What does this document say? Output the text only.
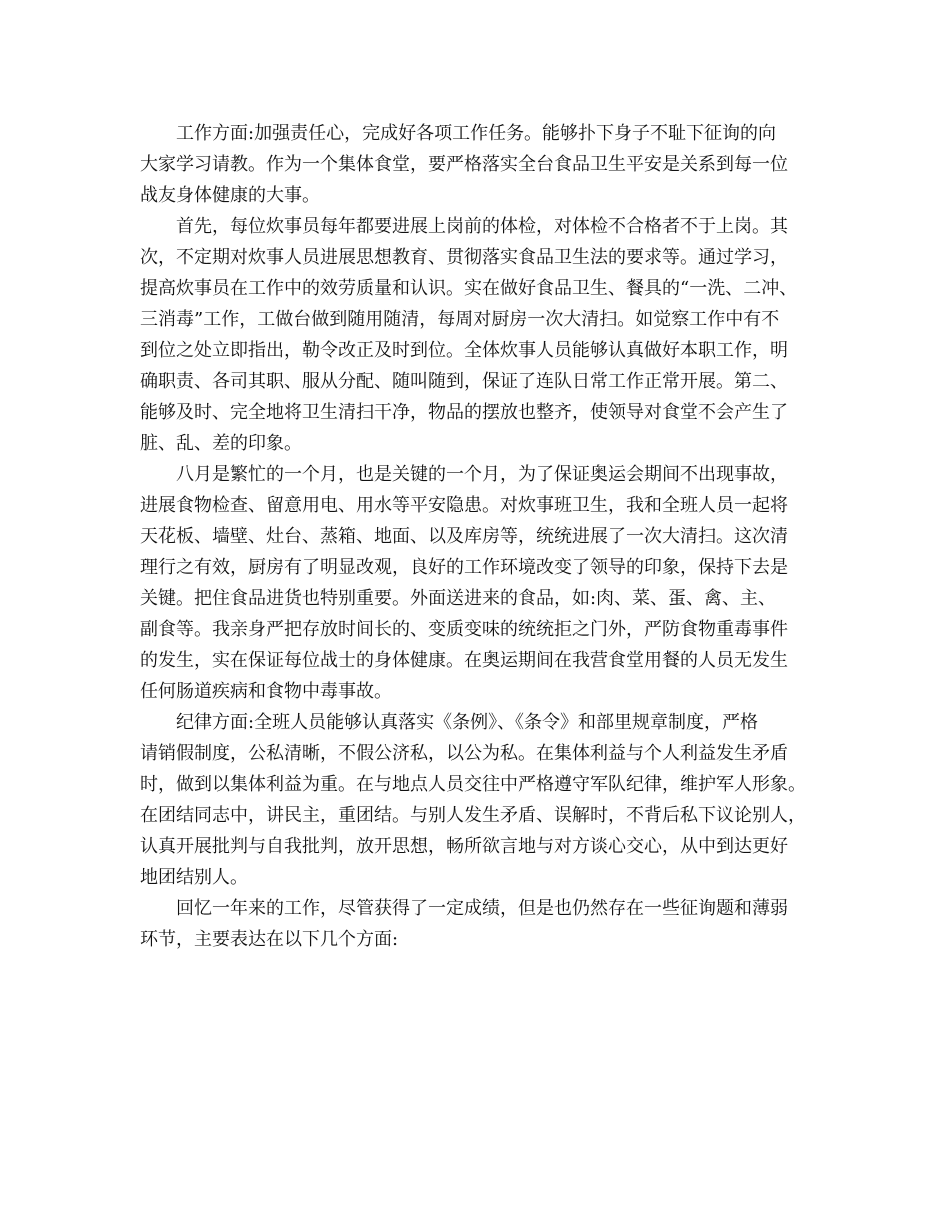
工作方面:加强责任心，完成好各项工作任务。能够扑下身子不耻下征询的向
大家学习请教。作为一个集体食堂，要严格落实全台食品卫生平安是关系到每一位
战友身体健康的大事。
首先，每位炊事员每年都要进展上岗前的体检，对体检不合格者不于上岗。其
次，不定期对炊事人员进展思想教育、贯彻落实食品卫生法的要求等。通过学习，
提高炊事员在工作中的效劳质量和认识。实在做好食品卫生、餐具的“一洗、二冲、
三消毒”工作，工做台做到随用随清，每周对厨房一次大清扫。如觉察工作中有不
到位之处立即指出，勒令改正及时到位。全体炊事人员能够认真做好本职工作，明
确职责、各司其职、服从分配、随叫随到，保证了连队日常工作正常开展。第二、
能够及时、完全地将卫生清扫干净，物品的摆放也整齐，使领导对食堂不会产生了
脏、乱、差的印象。
八月是繁忙的一个月，也是关键的一个月，为了保证奥运会期间不出现事故，
进展食物检查、留意用电、用水等平安隐患。对炊事班卫生，我和全班人员一起将
天花板、墙壁、灶台、蒸箱、地面、以及库房等，统统进展了一次大清扫。这次清
理行之有效，厨房有了明显改观，良好的工作环境改变了领导的印象，保持下去是
关键。把住食品进货也特别重要。外面送进来的食品，如:肉、菜、蛋、禽、主、
副食等。我亲身严把存放时间长的、变质变味的统统拒之门外，严防食物重毒事件
的发生，实在保证每位战士的身体健康。在奥运期间在我营食堂用餐的人员无发生
任何肠道疾病和食物中毒事故。
纪律方面:全班人员能够认真落实《条例》、《条令》和部里规章制度，严格
请销假制度，公私清晰，不假公济私，以公为私。在集体利益与个人利益发生矛盾
时，做到以集体利益为重。在与地点人员交往中严格遵守军队纪律，维护军人形象。
在团结同志中，讲民主，重团结。与别人发生矛盾、误解时，不背后私下议论别人，
认真开展批判与自我批判，放开思想，畅所欲言地与对方谈心交心，从中到达更好
地团结别人。
回忆一年来的工作，尽管获得了一定成绩，但是也仍然存在一些征询题和薄弱
环节，主要表达在以下几个方面:
